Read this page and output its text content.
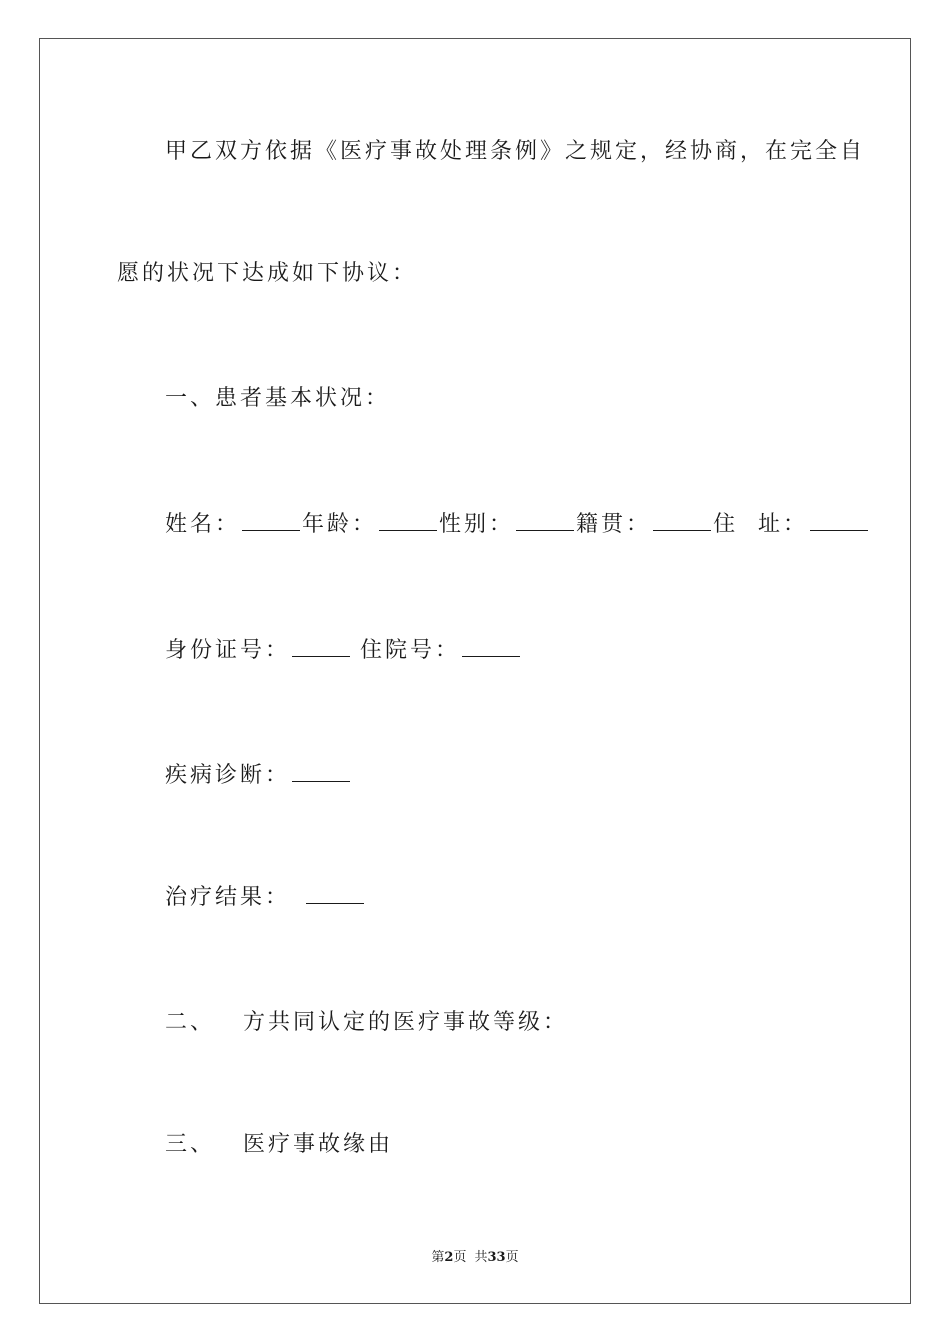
甲乙双方依据《医疗事故处理条例》之规定，经协商，在完全自
愿的状况下达成如下协议：
一、患者基本状况：
姓名：	年龄：	性别：	籍贯：	住  址：
身份证号：	住院号：
疾病诊断：
治疗结果：
二、 方共同认定的医疗事故等级：
三、 医疗事故缘由
第2页 共33页
